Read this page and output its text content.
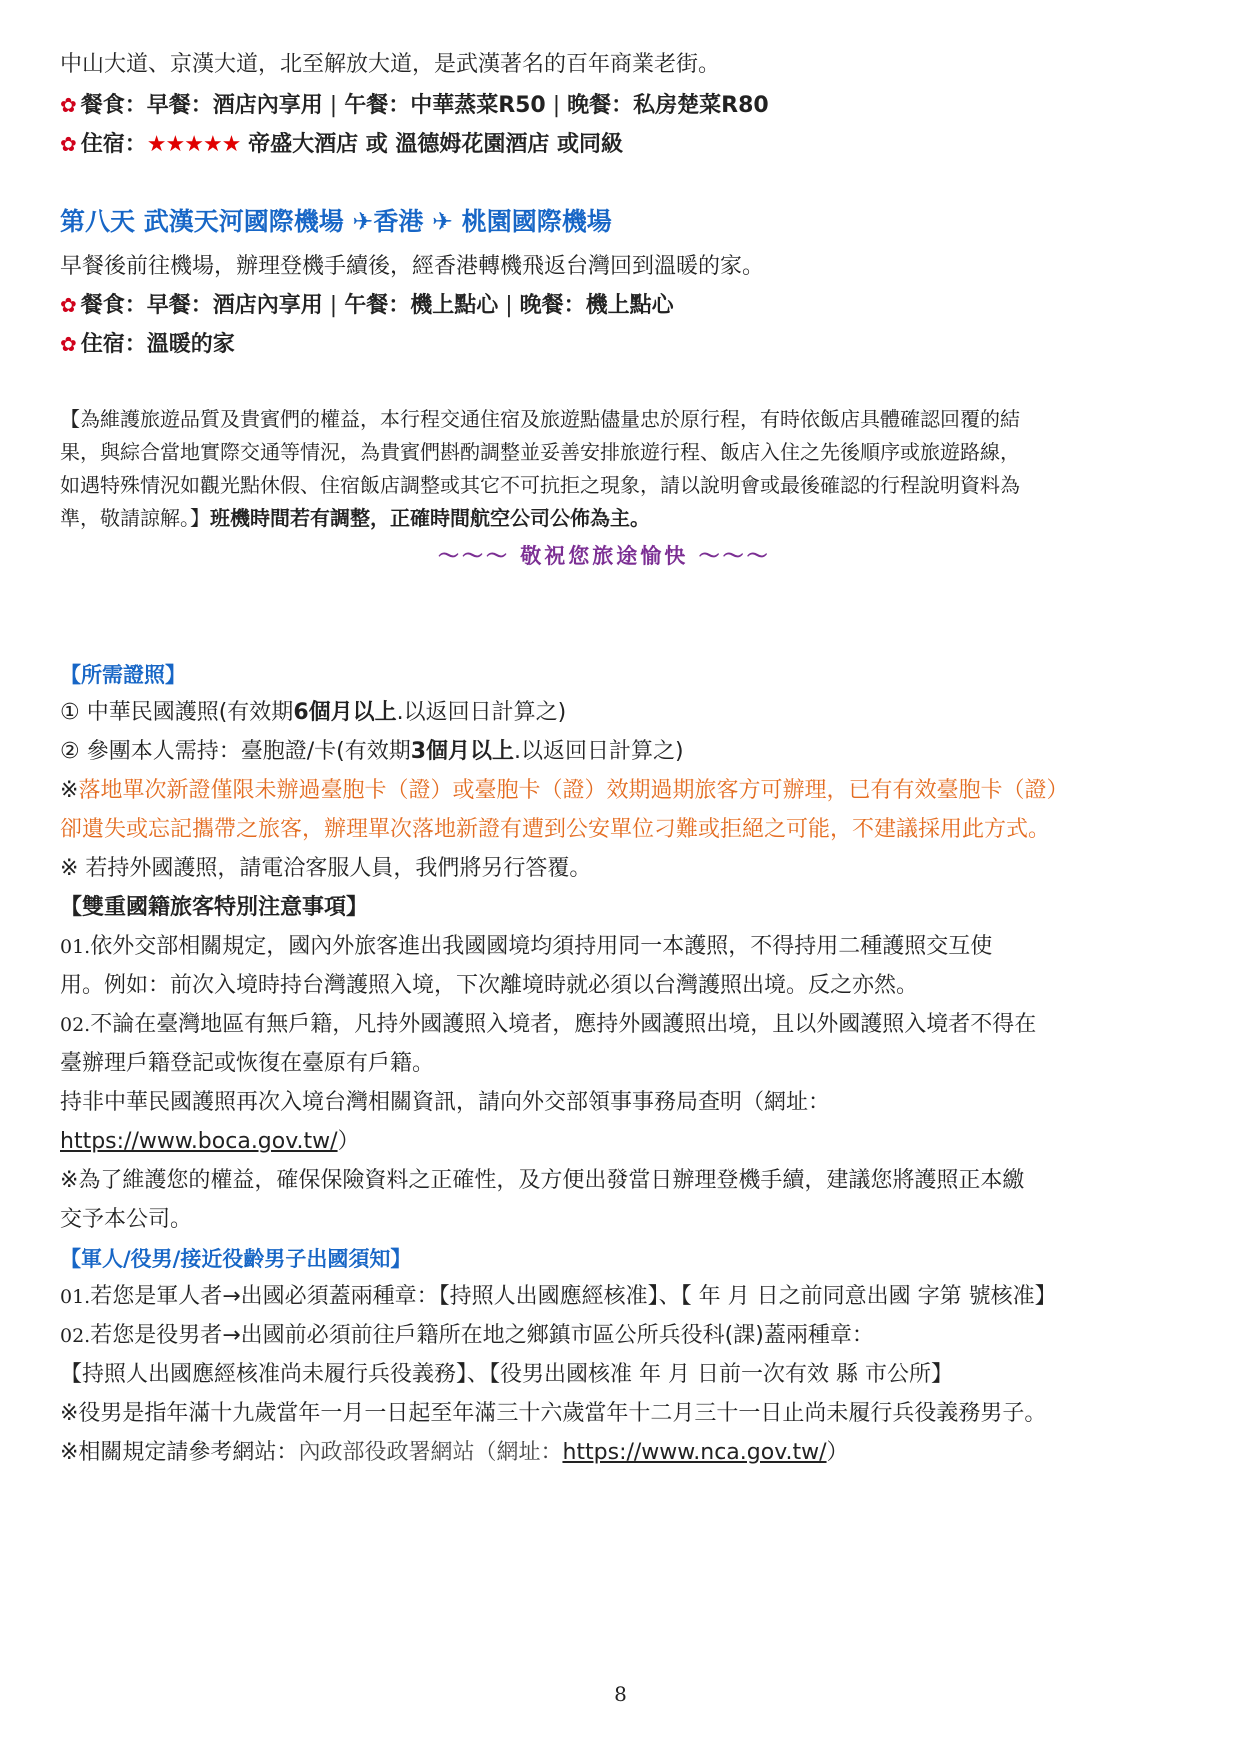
中山大道、京漢大道，北至解放大道，是武漢著名的百年商業老街。
✿ 餐食：早餐：酒店內享用 | 午餐：中華蒸菜R50 | 晚餐：私房楚菜R80
✿ 住宿：★★★★★ 帝盛大酒店 或 溫德姆花園酒店 或同級
第八天 武漢天河國際機場 ✈香港 ✈ 桃園國際機場
早餐後前往機場，辦理登機手續後，經香港轉機飛返台灣回到溫暖的家。
✿ 餐食：早餐：酒店內享用 | 午餐：機上點心 | 晚餐：機上點心
✿ 住宿：溫暖的家
【為維護旅遊品質及貴賓們的權益，本行程交通住宿及旅遊點儘量忠於原行程，有時依飯店具體確認回覆的結
果，與綜合當地實際交通等情況，為貴賓們斟酌調整並妥善安排旅遊行程、飯店入住之先後順序或旅遊路線，
如遇特殊情況如觀光點休假、住宿飯店調整或其它不可抗拒之現象，請以說明會或最後確認的行程說明資料為
準，敬請諒解。】班機時間若有調整，正確時間航空公司公佈為主。
～～～ 敬祝您旅途愉快 ～～～
【所需證照】
① 中華民國護照(有效期6個月以上.以返回日計算之)
② 參團本人需持：臺胞證/卡(有效期3個月以上.以返回日計算之)
※落地單次新證僅限未辦過臺胞卡（證）或臺胞卡（證）效期過期旅客方可辦理，已有有效臺胞卡（證）
卻遺失或忘記攜帶之旅客，辦理單次落地新證有遭到公安單位刁難或拒絕之可能，不建議採用此方式。
※ 若持外國護照，請電洽客服人員，我們將另行答覆。
【雙重國籍旅客特別注意事項】
01.依外交部相關規定，國內外旅客進出我國國境均須持用同一本護照，不得持用二種護照交互使
用。例如：前次入境時持台灣護照入境，下次離境時就必須以台灣護照出境。反之亦然。
02.不論在臺灣地區有無戶籍，凡持外國護照入境者，應持外國護照出境，且以外國護照入境者不得在
臺辦理戶籍登記或恢復在臺原有戶籍。
持非中華民國護照再次入境台灣相關資訊，請向外交部領事事務局查明（網址：
https://www.boca.gov.tw/）
※為了維護您的權益，確保保險資料之正確性，及方便出發當日辦理登機手續，建議您將護照正本繳
交予本公司。
【軍人/役男/接近役齡男子出國須知】
01.若您是軍人者→出國必須蓋兩種章：【持照人出國應經核准】、【 年 月 日之前同意出國 字第 號核准】
02.若您是役男者→出國前必須前往戶籍所在地之鄉鎮市區公所兵役科(課)蓋兩種章：
【持照人出國應經核准尚未履行兵役義務】、【役男出國核准 年 月 日前一次有效 縣 市公所】
※役男是指年滿十九歲當年一月一日起至年滿三十六歲當年十二月三十一日止尚未履行兵役義務男子。
※相關規定請參考網站：內政部役政署網站（網址：https://www.nca.gov.tw/）
8
